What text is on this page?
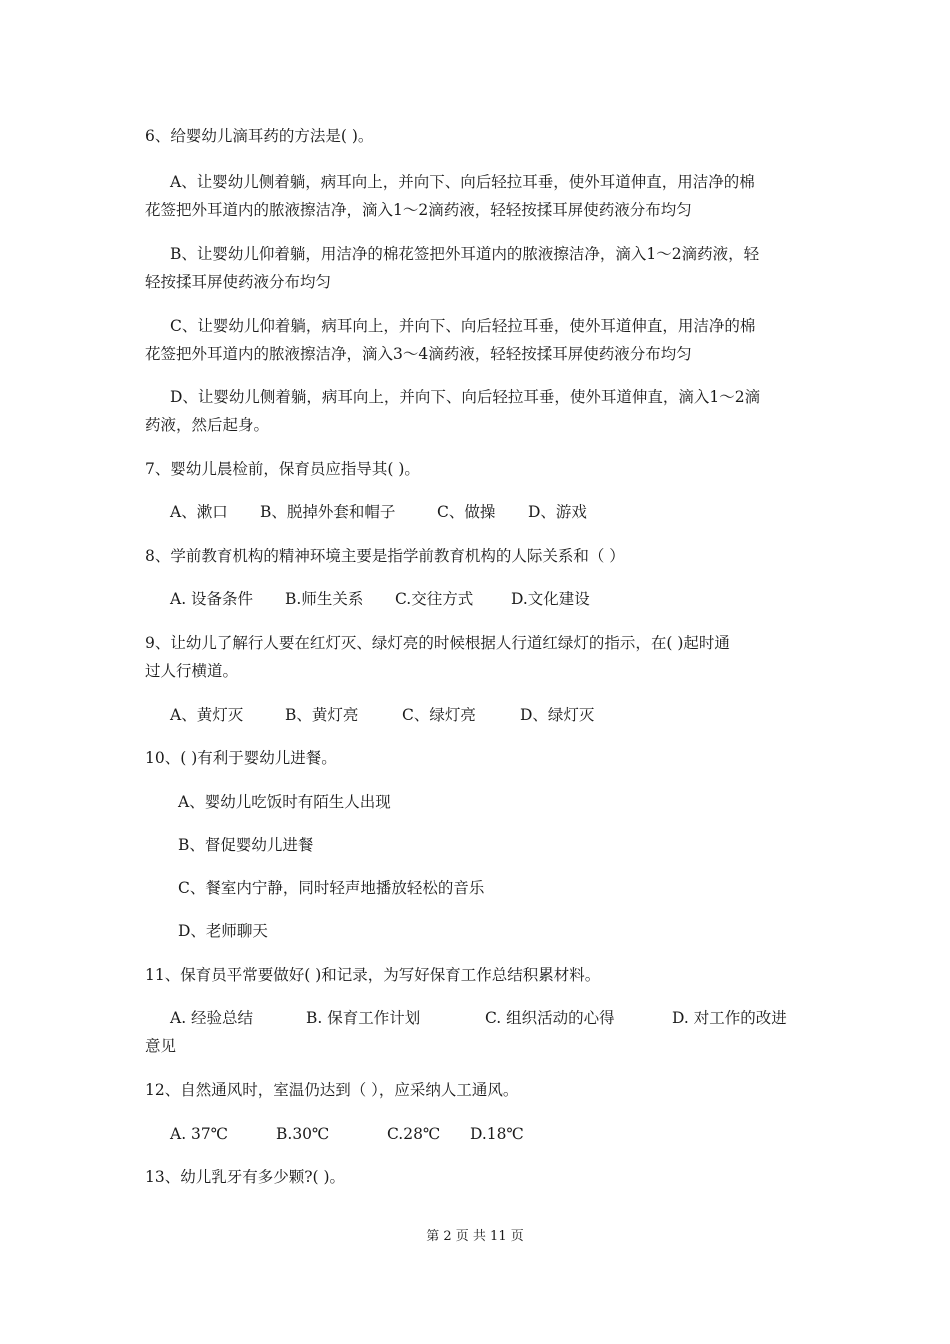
6、给婴幼儿滴耳药的方法是( )。
A、让婴幼儿侧着躺，病耳向上，并向下、向后轻拉耳垂，使外耳道伸直，用洁净的棉
花签把外耳道内的脓液擦洁净，滴入1～2滴药液，轻轻按揉耳屏使药液分布均匀
B、让婴幼儿仰着躺，用洁净的棉花签把外耳道内的脓液擦洁净，滴入1～2滴药液，轻
轻按揉耳屏使药液分布均匀
C、让婴幼儿仰着躺，病耳向上，并向下、向后轻拉耳垂，使外耳道伸直，用洁净的棉
花签把外耳道内的脓液擦洁净，滴入3～4滴药液，轻轻按揉耳屏使药液分布均匀
D、让婴幼儿侧着躺，病耳向上，并向下、向后轻拉耳垂，使外耳道伸直，滴入1～2滴
药液，然后起身。
7、婴幼儿晨检前，保育员应指导其( )。
A、漱口 B、脱掉外套和帽子	C、做操 D、游戏
8、学前教育机构的精神环境主要是指学前教育机构的人际关系和（ ）
A. 设备条件 B.师生关系 C.交往方式 D.文化建设
9、让幼儿了解行人要在红灯灭、绿灯亮的时候根据人行道红绿灯的指示，在( )起时通
过人行横道。
A、黄灯灭	B、黄灯亮	C、绿灯亮	D、绿灯灭
10、( )有利于婴幼儿进餐。
A、婴幼儿吃饭时有陌生人出现
B、督促婴幼儿进餐
C、餐室内宁静，同时轻声地播放轻松的音乐
D、老师聊天
11、保育员平常要做好( )和记录，为写好保育工作总结积累材料。
A. 经验总结	B. 保育工作计划	C. 组织活动的心得	D. 对工作的改进
意见
12、自然通风时，室温仍达到（ ），应采纳人工通风。
A. 37℃	B.30℃	C.28℃ D.18℃
13、幼儿乳牙有多少颗?( )。
第 2 页 共 11 页
